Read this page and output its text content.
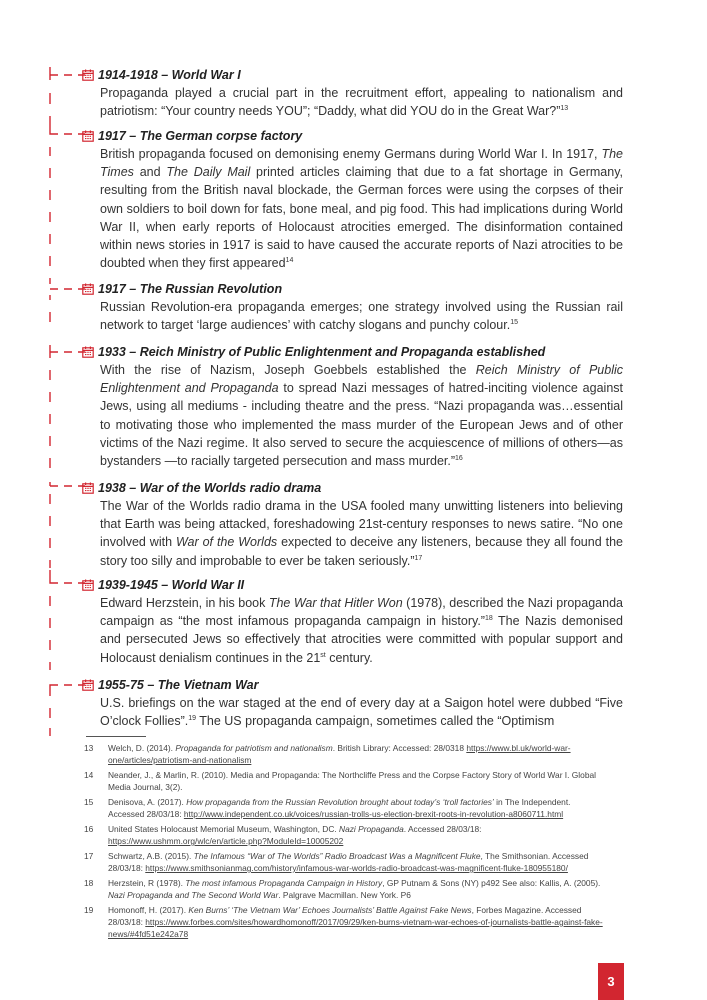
1914-1918 – World War I
Propaganda played a crucial part in the recruitment effort, appealing to nationalism and patriotism: “Your country needs YOU”; “Daddy, what did YOU do in the Great War?”$^{13}$
1917 – The German corpse factory
British propaganda focused on demonising enemy Germans during World War I. In 1917, The Times and The Daily Mail printed articles claiming that due to a fat shortage in Germany, resulting from the British naval blockade, the German forces were using the corpses of their own soldiers to boil down for fats, bone meal, and pig food. This had implications during World War II, when early reports of Holocaust atrocities emerged. The disinformation contained within news stories in 1917 is said to have caused the accurate reports of Nazi atrocities to be doubted when they first appeared$^{14}$
1917 – The Russian Revolution
Russian Revolution-era propaganda emerges; one strategy involved using the Russian rail network to target ‘large audiences’ with catchy slogans and punchy colour.$^{15}$
1933 – Reich Ministry of Public Enlightenment and Propaganda established
With the rise of Nazism, Joseph Goebbels established the Reich Ministry of Public Enlightenment and Propaganda to spread Nazi messages of hatred-inciting violence against Jews, using all mediums - including theatre and the press. “Nazi propaganda was…essential to motivating those who implemented the mass murder of the European Jews and of other victims of the Nazi regime. It also served to secure the acquiescence of millions of others—as bystanders —to racially targeted persecution and mass murder.”$^{16}$
1938 – War of the Worlds radio drama
The War of the Worlds radio drama in the USA fooled many unwitting listeners into believing that Earth was being attacked, foreshadowing 21st-century responses to news satire. “No one involved with War of the Worlds expected to deceive any listeners, because they all found the story too silly and improbable to ever be taken seriously.”$^{17}$
1939-1945 – World War II
Edward Herzstein, in his book The War that Hitler Won (1978), described the Nazi propaganda campaign as “the most infamous propaganda campaign in history.”$^{18}$ The Nazis demonised and persecuted Jews so effectively that atrocities were committed with popular support and Holocaust denialism continues in the 21st century.
1955-75 – The Vietnam War
U.S. briefings on the war staged at the end of every day at a Saigon hotel were dubbed “Five O’clock Follies”.$^{19}$ The US propaganda campaign, sometimes called the “Optimism
13	Welch, D. (2014). Propaganda for patriotism and nationalism. British Library: Accessed: 28/0318 https://www.bl.uk/world-war-one/articles/patriotism-and-nationalism
14	Neander, J., & Marlin, R. (2010). Media and Propaganda: The Northcliffe Press and the Corpse Factory Story of World War I. Global Media Journal, 3(2).
15	Denisova, A. (2017). How propaganda from the Russian Revolution brought about today’s ‘troll factories’ in The Independent. Accessed 28/03/18: http://www.independent.co.uk/voices/russian-trolls-us-election-brexit-roots-in-revolution-a8060711.html
16	United States Holocaust Memorial Museum, Washington, DC. Nazi Propaganda. Accessed 28/03/18: https://www.ushmm.org/wlc/en/article.php?ModuleId=10005202
17	Schwartz, A.B. (2015). The Infamous “War of The Worlds” Radio Broadcast Was a Magnificent Fluke, The Smithsonian. Accessed 28/03/18: https://www.smithsonianmag.com/history/infamous-war-worlds-radio-broadcast-was-magnificent-fluke-180955180/
18	Herzstein, R (1978). The most infamous Propaganda Campaign in History, GP Putnam & Sons (NY) p492 See also: Kallis, A. (2005). Nazi Propaganda and The Second World War. Palgrave Macmillan. New York. P6
19	Homonoff, H. (2017). Ken Burns’ ‘The Vietnam War’ Echoes Journalists’ Battle Against Fake News, Forbes Magazine. Accessed 28/03/18: https://www.forbes.com/sites/howardhomonoff/2017/09/29/ken-burns-vietnam-war-echoes-of-journalists-battle-against-fake-news/#4fd51e242a78
3
